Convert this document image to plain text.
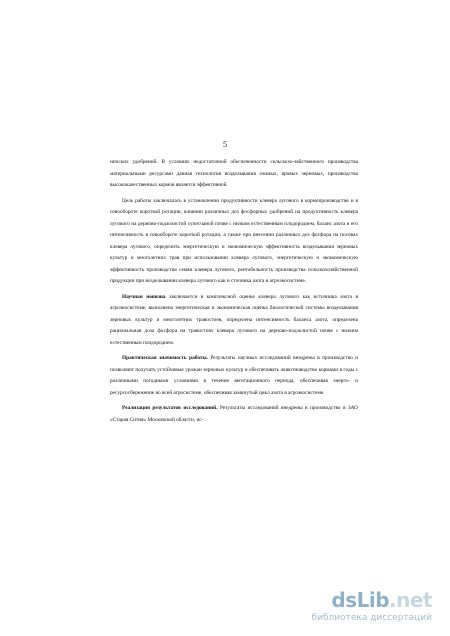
5

ничских удобрений. В условиях недостаточной обеспеченности сельскохо-зяйственного производства материальными ресурсами данная технология возделывания озимых, яровых зерновых, производства высококачественных кормов является эффективной.

Цель работы заключалась в установлении продуктивности клевера лугового в кормопроизводстве и в севообороте короткой ротации, влиянии различных доз фосфорных удобрений на продуктивность клевера лугового на дерново-подзолистой супесчаной почве с низким естественным плодородием, баланс азота и его интенсивность в севообороте короткой ротации, а также при внесении различных доз фосфора на посевах клевера лугового, определить энергетическую и экономическую эффективность возделывания зерновых культур и многолетних трав при использовании клевера лугового, энергетическую и экономическую эффективность производства семян клевера лугового, рентабельность производства сельскохозяйственной продукции при возделывании клевера лугового как и сточника азота в агроэкосистеме.

Научная новизна заключается в комплексной оценке клевера лугового как источника азота в агроэкосистеме, выполнена энергетическая и экономическая оценка биологической системы возделывания зерновых культур и многолетних травостоев, определена интенсивность баланса азота, определена рациональная доза фосфора на травостоях клевера лугового на дерново-подзолистой почве с низким естественным плодородием.

Практическая значимость работы. Результаты научных исследований внедрены в производство и позволяют получать устойчивые урожаи зерновых культур и обеспечивать животноводство кормами в годы с различными погодными условиями в течение вегетационного периода, обеспечивая энерго- и ресурсосбережение во всей агросистеме, обеспечивая замкнутый цикл азота в агроэкосистеме.

Реализация результатов исследований. Результаты исследований внедрены в производство в ЗАО «Старая Ситня» Московской области, ис-

dsLib .net
библиотека диссертаций
